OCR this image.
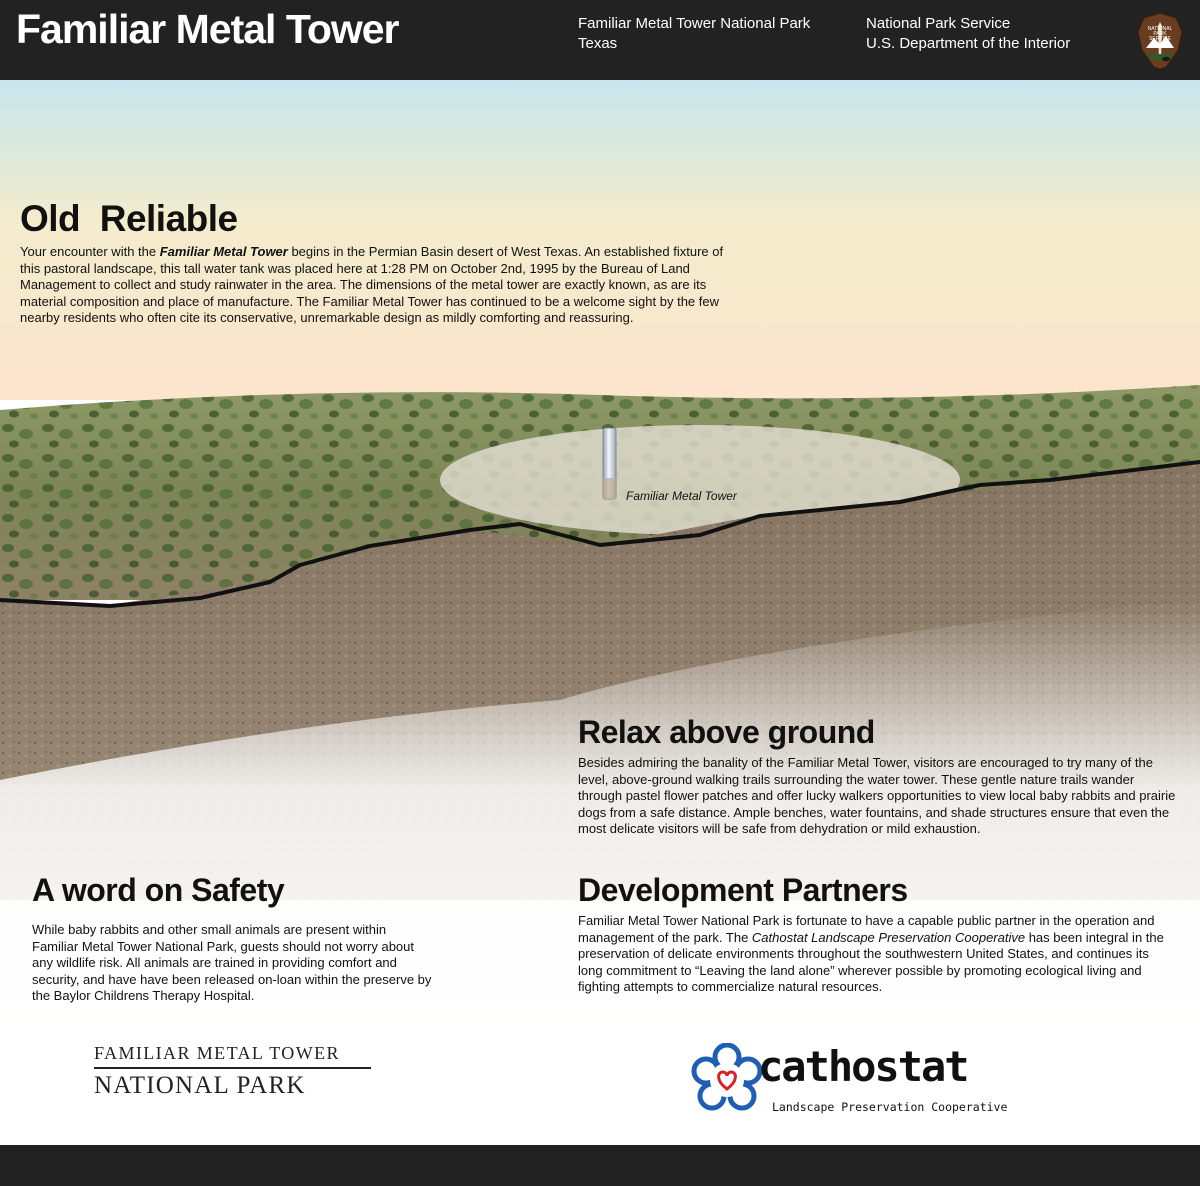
Familiar Metal Tower	Familiar Metal Tower National Park
Texas
National Park Service
U.S. Department of the Interior
NATIONAL
PARK
SERVICE
Familiar Metal Tower
Old  Reliable
Your encounter with the Familiar Metal Tower begins in the Permian Basin desert of West Texas. An established fixture of this pastoral landscape, this tall water tank was placed here at 1:28 PM on October 2nd, 1995 by the Bureau of Land Management to collect and study rainwater in the area. The dimensions of the metal tower are exactly known, as are its material composition and place of manufacture. The Familiar Metal Tower has continued to be a welcome sight by the few nearby residents who often cite its conservative, unremarkable design as mildly comforting and reassuring.
Relax above ground
Besides admiring the banality of the Familiar Metal Tower, visitors are encouraged to try many of the level, above-ground walking trails surrounding the water tower. These gentle nature trails wander through pastel flower patches and offer lucky walkers opportunities to view local baby rabbits and prairie dogs from a safe distance. Ample benches, water fountains, and shade structures ensure that even the most delicate visitors will be safe from dehydration or mild exhaustion.
A word on Safety
While baby rabbits and other small animals are present within Familiar Metal Tower National Park, guests should not worry about any wildlife risk. All animals are trained in providing comfort and security, and have have been released on-loan within the preserve by the Baylor Childrens Therapy Hospital.
Development Partners
Familiar Metal Tower National Park is fortunate to have a capable public partner in the operation and management of the park. The Cathostat Landscape Preservation Cooperative has been integral in the preservation of delicate environments throughout the southwestern United States, and continues its long commitment to “Leaving the land alone” wherever possible by promoting ecological living and fighting attempts to commercialize natural resources.
FAMILIAR METAL TOWER
NATIONAL PARK	cathostat
Landscape Preservation Cooperative
